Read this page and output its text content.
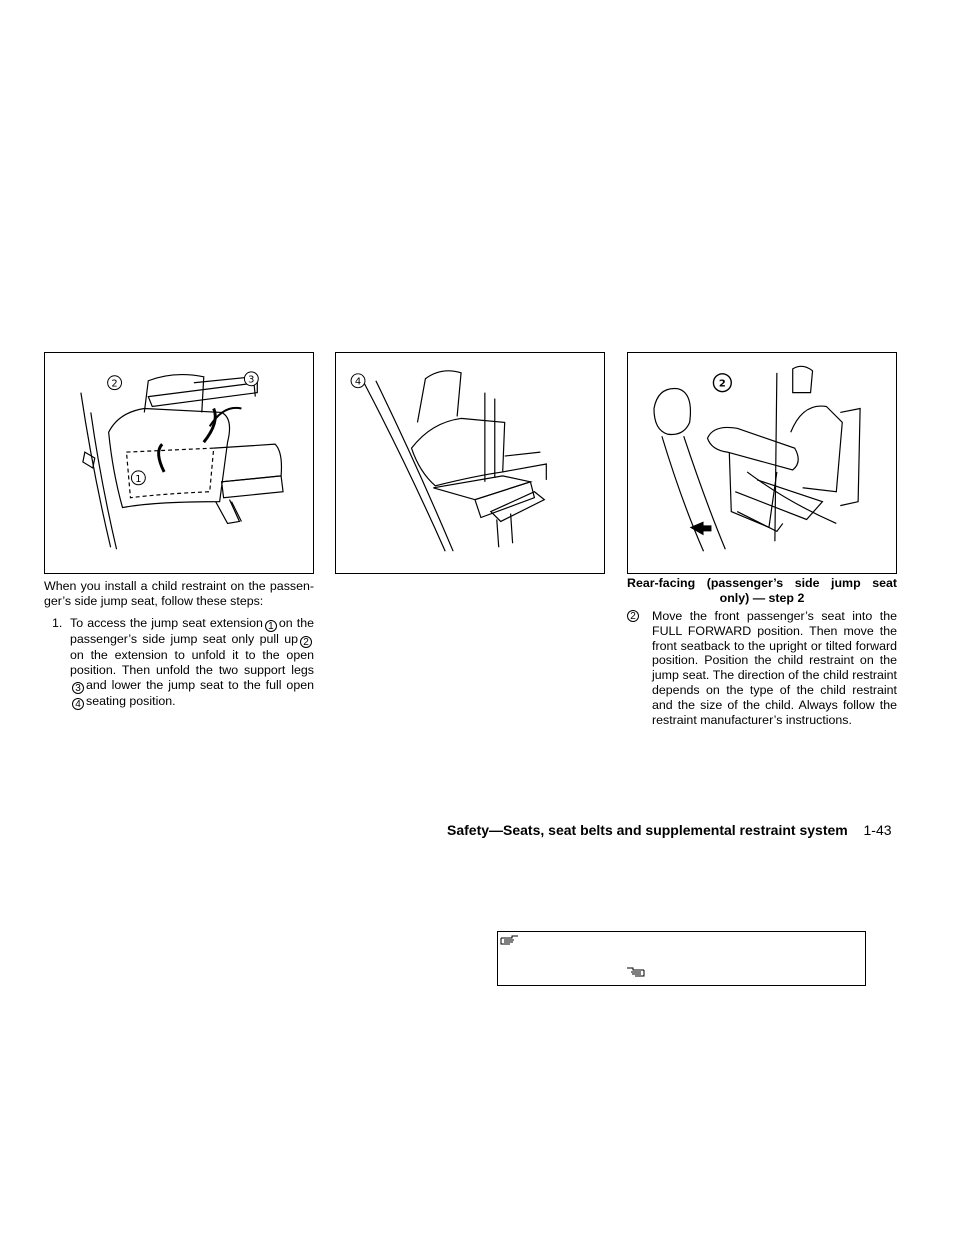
2	3
1
4	2
When you install a child restraint on the passen-ger’s side jump seat, follow these steps:
1. To access the jump seat extension 1 on the passenger’s side jump seat only pull up 2 on the extension to unfold it to the open position. Then unfold the two support legs 3 and lower the jump seat to the full open 4 seating position.
Rear-facing (passenger’s side jump seat
only) — step 2
2 Move the front passenger’s seat into the FULL FORWARD position. Then move the front seatback to the upright or tilted forward position. Position the child restraint on the jump seat. The direction of the child restraint depends on the type of the child restraint and the size of the child. Always follow the restraint manufacturer’s instructions.
Safety—Seats, seat belts and supplemental restraint system 1-43
